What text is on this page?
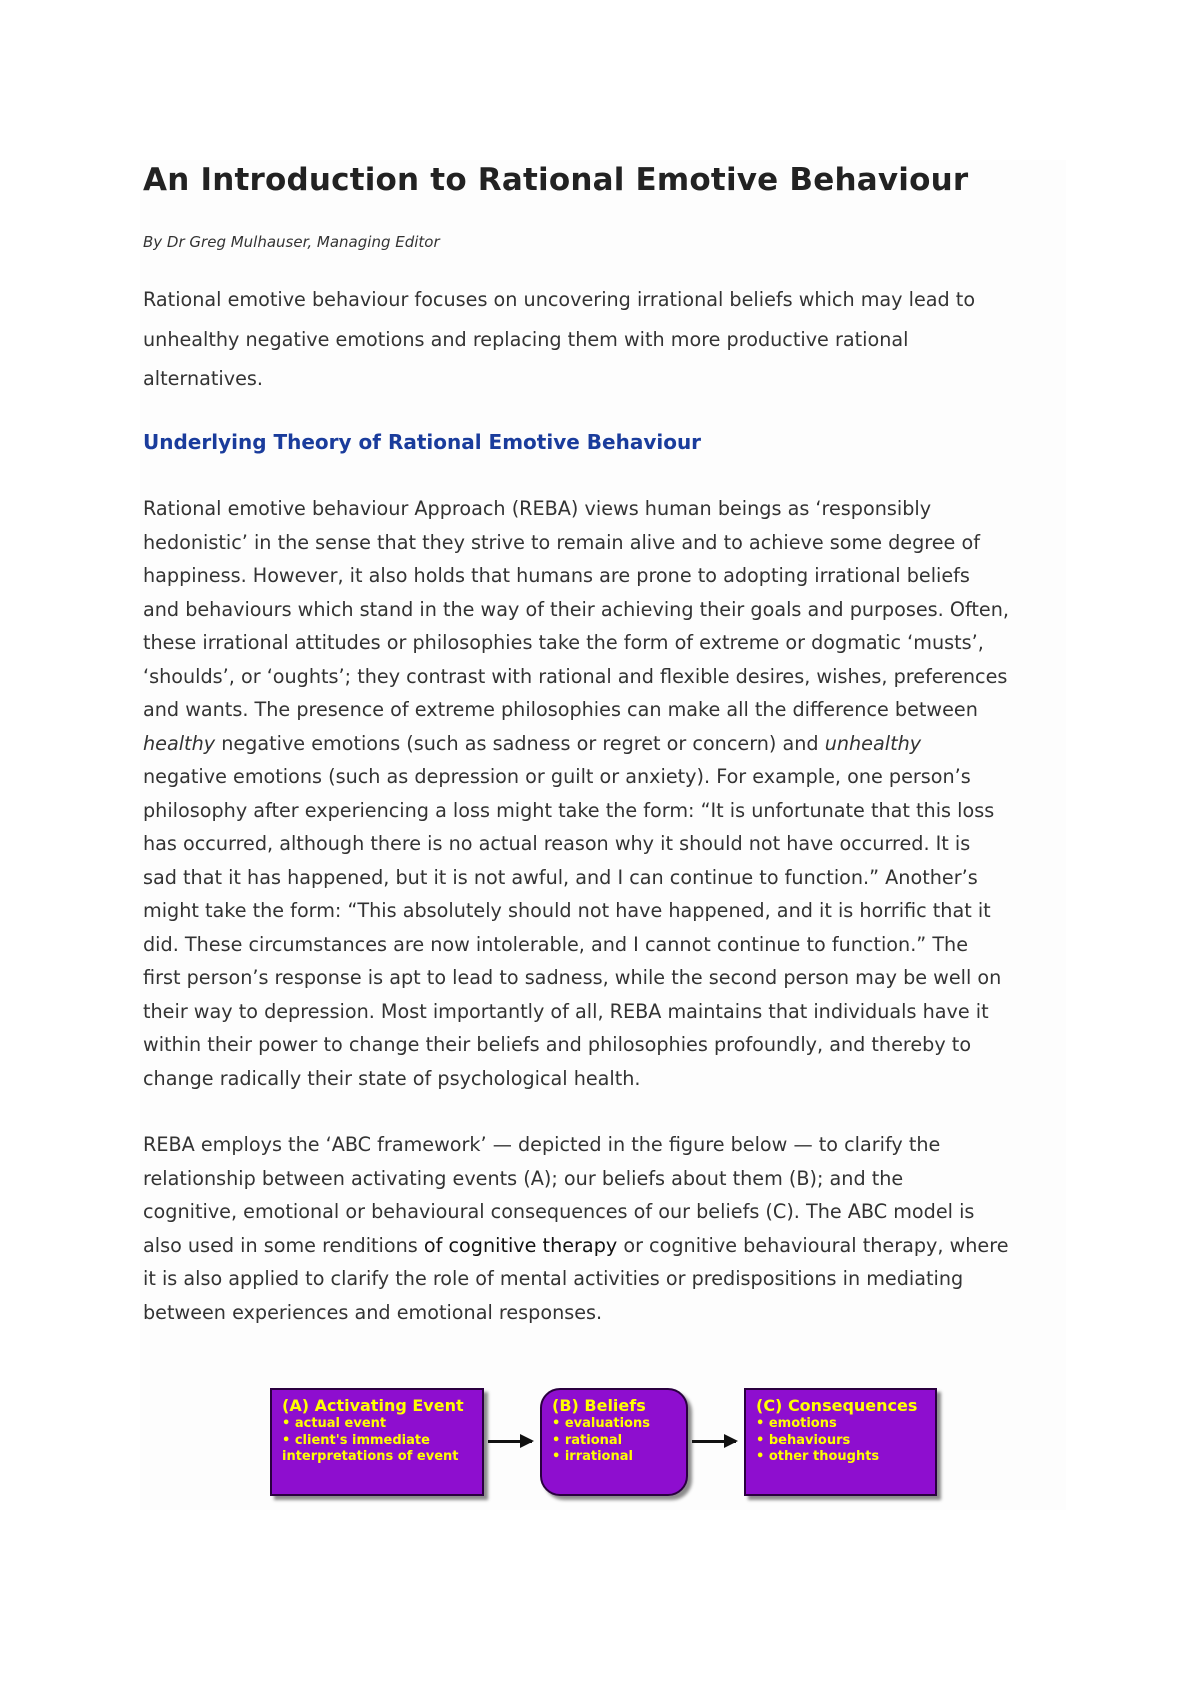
An Introduction to Rational Emotive Behaviour

By Dr Greg Mulhauser, Managing Editor

Rational emotive behaviour focuses on uncovering irrational beliefs which may lead to
unhealthy negative emotions and replacing them with more productive rational
alternatives.

Underlying Theory of Rational Emotive Behaviour

Rational emotive behaviour Approach (REBA) views human beings as ‘responsibly
hedonistic’ in the sense that they strive to remain alive and to achieve some degree of
happiness. However, it also holds that humans are prone to adopting irrational beliefs
and behaviours which stand in the way of their achieving their goals and purposes. Often,
these irrational attitudes or philosophies take the form of extreme or dogmatic ‘musts’,
‘shoulds’, or ‘oughts’; they contrast with rational and flexible desires, wishes, preferences
and wants. The presence of extreme philosophies can make all the difference between
healthy negative emotions (such as sadness or regret or concern) and unhealthy
negative emotions (such as depression or guilt or anxiety). For example, one person’s
philosophy after experiencing a loss might take the form: “It is unfortunate that this loss
has occurred, although there is no actual reason why it should not have occurred. It is
sad that it has happened, but it is not awful, and I can continue to function.” Another’s
might take the form: “This absolutely should not have happened, and it is horrific that it
did. These circumstances are now intolerable, and I cannot continue to function.” The
first person’s response is apt to lead to sadness, while the second person may be well on
their way to depression. Most importantly of all, REBA maintains that individuals have it
within their power to change their beliefs and philosophies profoundly, and thereby to
change radically their state of psychological health.

REBA employs the ‘ABC framework’ — depicted in the figure below — to clarify the
relationship between activating events (A); our beliefs about them (B); and the
cognitive, emotional or behavioural consequences of our beliefs (C). The ABC model is
also used in some renditions of cognitive therapy or cognitive behavioural therapy, where
it is also applied to clarify the role of mental activities or predispositions in mediating
between experiences and emotional responses.

(A) Activating Event
• actual event
• client's immediate
interpretations of event
(B) Beliefs
• evaluations
• rational
• irrational
(C) Consequences
• emotions
• behaviours
• other thoughts
